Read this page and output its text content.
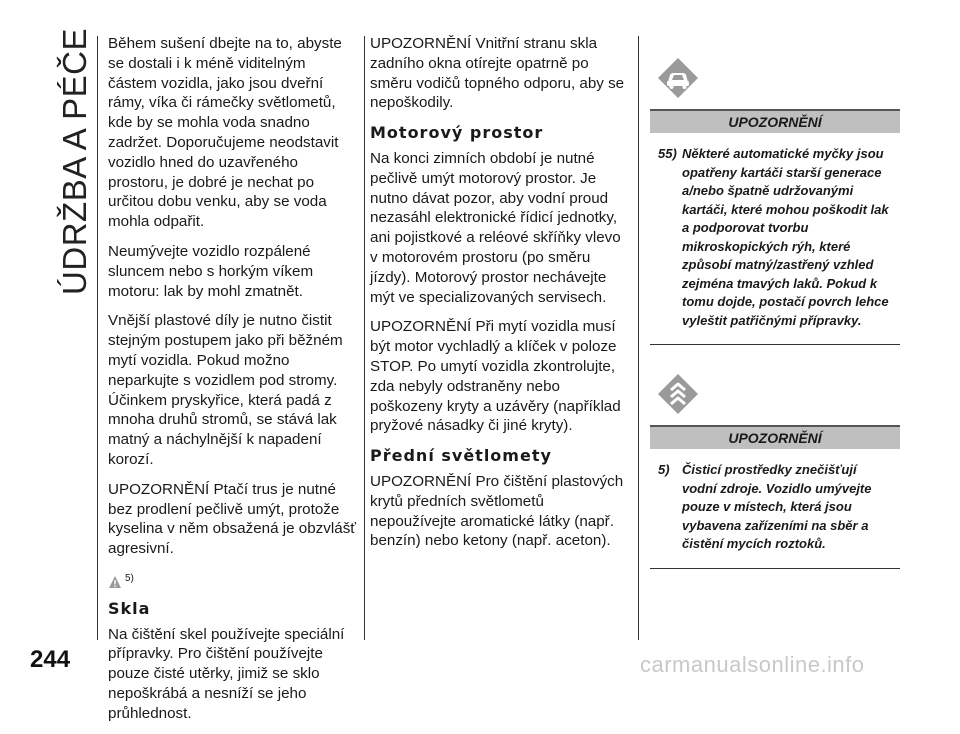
ÚDRŽBA A PÉČE Během sušení dbejte na to, abyste se dostali i k méně viditelným částem vozidla, jako jsou dveřní rámy, víka či rámečky světlometů, kde by se mohla voda snadno zadržet. Doporučujeme neodstavit vozidlo hned do uzavřeného prostoru, je dobré je nechat po určitou dobu venku, aby se voda mohla odpařit.

Neumývejte vozidlo rozpálené sluncem nebo s horkým víkem motoru: lak by mohl zmatnět.

Vnější plastové díly je nutno čistit stejným postupem jako při běžném mytí vozidla. Pokud možno neparkujte s vozidlem pod stromy. Účinkem pryskyřice, která padá z mnoha druhů stromů, se stává lak matný a náchylnější k napadení korozí.

UPOZORNĚNÍ Ptačí trus je nutné bez prodlení pečlivě umýt, protože kyselina v něm obsažená je obzvlášť agresivní.

5)
Skla

Na čištění skel používejte speciální přípravky. Pro čištění používejte pouze čisté utěrky, jimiž se sklo nepoškrábá a nesníží se jeho průhlednost.

UPOZORNĚNÍ Vnitřní stranu skla zadního okna otírejte opatrně po směru vodičů topného odporu, aby se nepoškodily.

Motorový prostor

Na konci zimních období je nutné pečlivě umýt motorový prostor. Je nutno dávat pozor, aby vodní proud nezasáhl elektronické řídicí jednotky, ani pojistkové a reléové skříňky vlevo v motorovém prostoru (po směru jízdy). Motorový prostor nechávejte mýt ve specializovaných servisech.

UPOZORNĚNÍ Při mytí vozidla musí být motor vychladlý a klíček v poloze STOP. Po umytí vozidla zkontrolujte, zda nebyly odstraněny nebo poškozeny kryty a uzávěry (například pryžové násadky či jiné kryty).

Přední světlomety

UPOZORNĚNÍ Pro čištění plastových krytů předních světlometů nepoužívejte aromatické látky (např. benzín) nebo ketony (např. aceton).

UPOZORNĚNÍ
55) Některé automatické myčky jsou opatřeny kartáči starší generace a/nebo špatně udržovanými kartáči, které mohou poškodit lak a podporovat tvorbu mikroskopických rýh, které způsobí matný/zastřený vzhled zejména tmavých laků. Pokud k tomu dojde, postačí povrch lehce vyleštit patřičnými přípravky.
UPOZORNĚNÍ
5) Čisticí prostředky znečišťují vodní zdroje. Vozidlo umývejte pouze v místech, která jsou vybavena zařízeními na sběr a čistění mycích roztoků.
244	carmanualsonline.info
